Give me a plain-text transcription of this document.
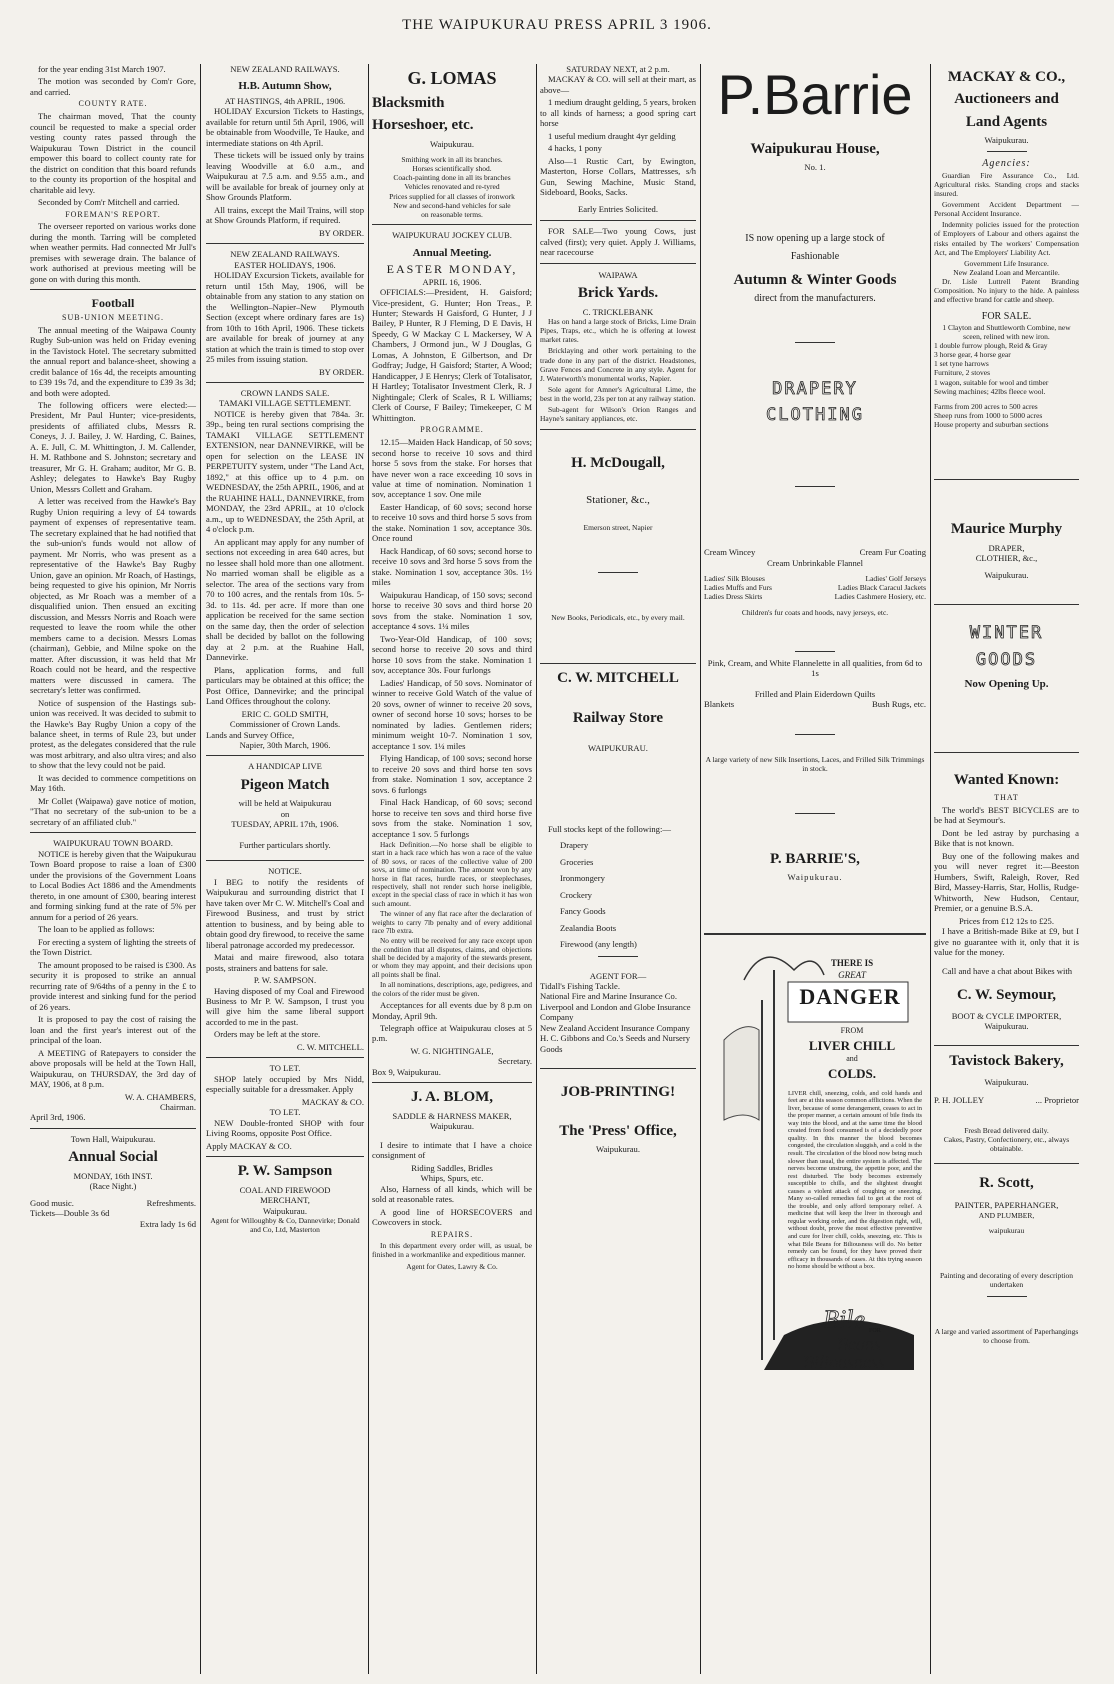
THE WAIPUKURAU PRESS APRIL 3 1906.

for the year ending 31st March 1907.

The motion was seconded by Com'r Gore, and carried.

COUNTY RATE.

The chairman moved, That the county council be requested to make a special order vesting county rates passed through the Waipukurau Town District in the council empower this board to collect county rate for the district on condition that this board refunds to the county its proportion of the hospital and charitable aid levy.

Seconded by Com'r Mitchell and carried.

FOREMAN'S REPORT.

The overseer reported on various works done during the month. Tarring will be completed when weather permits. Had connected Mr Jull's premises with sewerage drain. The balance of work authorised at previous meeting will be gone on with during this month.

Football
SUB-UNION MEETING.

The annual meeting of the Waipawa County Rugby Sub-union was held on Friday evening in the Tavistock Hotel. The secretary submitted the annual report and balance-sheet, showing a credit balance of 16s 4d, the receipts amounting to £39 19s 7d, and the expenditure to £39 3s 3d; and both were adopted.

The following officers were elected:— President, Mr Paul Hunter; vice-presidents, presidents of affiliated clubs, Messrs R. Coneys, J. J. Bailey, J. W. Harding, C. Baines, A. E. Jull, C. M. Whittington, J. M. Callender, H. M. Rathbone and S. Johnston; secretary and treasurer, Mr G. H. Graham; auditor, Mr G. B. Ashley; delegates to Hawke's Bay Rugby Union, Messrs Collett and Graham.

A letter was received from the Hawke's Bay Rugby Union requiring a levy of £4 towards payment of expenses of representative team. The secretary explained that he had notified that the sub-union's funds would not allow of payment. Mr Norris, who was present as a representative of the Hawke's Bay Rugby Union, gave an opinion. Mr Roach, of Hastings, being requested to give his opinion, Mr Norris objected, as Mr Roach was a member of a disqualified union. Then ensued an exciting discussion, and Messrs Norris and Roach were requested to leave the room while the other members came to a decision. Messrs Lomas (chairman), Gebbie, and Milne spoke on the matter. After discussion, it was held that Mr Roach could not be heard, and the respective matters were discussed in camera. The secretary's letter was confirmed.

Notice of suspension of the Hastings sub-union was received. It was decided to submit to the Hawke's Bay Rugby Union a copy of the balance sheet, in terms of Rule 23, but under protest, as the delegates considered that the rule was most arbitrary, and also ultra vires; and also to show that the levy could not be paid.

It was decided to commence competitions on May 16th.

Mr Collet (Waipawa) gave notice of motion, "That no secretary of the sub-union to be a secretary of an affiliated club."

WAIPUKURAU TOWN BOARD.

NOTICE is hereby given that the Waipukurau Town Board propose to raise a loan of £300 under the provisions of the Government Loans to Local Bodies Act 1886 and the Amendments thereto, in one amount of £300, bearing interest and forming sinking fund at the rate of 5% per annum for a period of 26 years.

The loan to be applied as follows:

For erecting a system of lighting the streets of the Town District.

The amount proposed to be raised is £300. As security it is proposed to strike an annual recurring rate of 9/64ths of a penny in the £ to provide interest and sinking fund for the period of 26 years.

It is proposed to pay the cost of raising the loan and the first year's interest out of the principal of the loan.

A MEETING of Ratepayers to consider the above proposals will be held at the Town Hall, Waipukurau, on THURSDAY, the 3rd day of MAY, 1906, at 8 p.m.

W. A. CHAMBERS,
Chairman.
April 3rd, 1906.
Town Hall, Waipukurau.
Annual Social
MONDAY, 16th INST.
(Race Night.)
Good music.	Refreshments.
Tickets—Double 3s 6d
Extra lady 1s 6d
NEW ZEALAND RAILWAYS.
H.B. Autumn Show,
AT HASTINGS, 4th APRIL, 1906.

HOLIDAY Excursion Tickets to Hastings, available for return until 5th April, 1906, will be obtainable from Woodville, Te Hauke, and intermediate stations on 4th April.

These tickets will be issued only by trains leaving Woodville at 6.0 a.m., and Waipukurau at 7.5 a.m. and 9.55 a.m., and will be available for break of journey only at Show Grounds Platform.

All trains, except the Mail Trains, will stop at Show Grounds Platform, if required.

BY ORDER.
NEW ZEALAND RAILWAYS.
EASTER HOLIDAYS, 1906.

HOLIDAY Excursion Tickets, available for return until 15th May, 1906, will be obtainable from any station to any station on the Wellington–Napier–New Plymouth Section (except where ordinary fares are 1s) from 10th to 16th April, 1906. These tickets are available for break of journey at any station at which the train is timed to stop over 25 miles from issuing station.

BY ORDER.
CROWN LANDS SALE.
TAMAKI VILLAGE SETTLEMENT.

NOTICE is hereby given that 784a. 3r. 39p., being ten rural sections comprising the TAMAKI VILLAGE SETTLEMENT EXTENSION, near DANNEVIRKE, will be open for selection on the LEASE IN PERPETUITY system, under "The Land Act, 1892," at this office up to 4 p.m. on WEDNESDAY, the 25th APRIL, 1906, and at the RUAHINE HALL, DANNEVIRKE, from MONDAY, the 23rd APRIL, at 10 o'clock a.m., up to WEDNESDAY, the 25th April, at 4 o'clock p.m.

An applicant may apply for any number of sections not exceeding in area 640 acres, but no lessee shall hold more than one allotment. No married woman shall be eligible as a selector. The area of the sections vary from 70 to 100 acres, and the rentals from 10s. 5-3d. to 11s. 4d. per acre. If more than one application be received for the same section on the same day, then the order of selection shall be decided by ballot on the following day at 2 p.m. at the Ruahine Hall, Dannevirke.

Plans, application forms, and full particulars may be obtained at this office; the Post Office, Dannevirke; and the principal Land Offices throughout the colony.

ERIC C. GOLD SMITH,
Commissioner of Crown Lands.
Lands and Survey Office,
Napier, 30th March, 1906.
A HANDICAP LIVE
Pigeon Match
will be held at Waipukurau
on
TUESDAY, APRIL 17th, 1906.
Further particulars shortly.
NOTICE.

I BEG to notify the residents of Waipukurau and surrounding district that I have taken over Mr C. W. Mitchell's Coal and Firewood Business, and trust by strict attention to business, and by being able to obtain good dry firewood, to receive the same liberal patronage accorded my predecessor.

Matai and maire firewood, also totara posts, strainers and battens for sale.

P. W. SAMPSON.

Having disposed of my Coal and Firewood Business to Mr P. W. Sampson, I trust you will give him the same liberal support accorded to me in the past.

Orders may be left at the store.

C. W. MITCHELL.
TO LET.

SHOP lately occupied by Mrs Nidd, especially suitable for a dressmaker. Apply

MACKAY & CO.
TO LET.

NEW Double-fronted SHOP with four Living Rooms, opposite Post Office.

Apply MACKAY & CO.
P. W. Sampson
COAL AND FIREWOOD
MERCHANT,
Waipukurau.
Agent for Willoughby & Co, Dannevirke; Donald and Co, Ltd, Masterton
G. LOMAS
Blacksmith
Horseshoer, etc.
Waipukurau.
Smithing work in all its branches.
Horses scientifically shod.
Coach-painting done in all its branches
Vehicles renovated and re-tyred
Prices supplied for all classes of ironwork
New and second-hand vehicles for sale
on reasonable terms.
WAIPUKURAU JOCKEY CLUB.
Annual Meeting.
EASTER MONDAY,
APRIL 16, 1906.

OFFICIALS:—President, H. Gaisford; Vice-president, G. Hunter; Hon Treas., P. Hunter; Stewards H Gaisford, G Hunter, J J Bailey, P Hunter, R J Fleming, D E Davis, H Speedy, G W Mackay C L Mackersey, W A Chambers, J Ormond jun., W J Douglas, G Lomas, A Johnston, E Gilbertson, and Dr Godfray; Judge, H Gaisford; Starter, A Wood; Handicapper, J E Henrys; Clerk of Totalisator, H Hartley; Totalisator Investment Clerk, R. J Nightingale; Clerk of Scales, R L Williams; Clerk of Course, F Bailey; Timekeeper, C M Whittington.

PROGRAMME.

12.15—Maiden Hack Handicap, of 50 sovs; second horse to receive 10 sovs and third horse 5 sovs from the stake. For horses that have never won a race exceeding 10 sovs in value at time of nomination. Nomination 1 sov, acceptance 1 sov. One mile

Easter Handicap, of 60 sovs; second horse to receive 10 sovs and third horse 5 sovs from the stake. Nomination 1 sov, acceptance 30s. Once round

Hack Handicap, of 60 sovs; second horse to receive 10 sovs and 3rd horse 5 sovs from the stake. Nomination 1 sov, acceptance 30s. 1½ miles

Waipukurau Handicap, of 150 sovs; second horse to receive 30 sovs and third horse 20 sovs from the stake. Nomination 1 sov, acceptance 4 sovs. 1¼ miles

Two-Year-Old Handicap, of 100 sovs; second horse to receive 20 sovs and third horse 10 sovs from the stake. Nomination 1 sov, acceptance 30s. Four furlongs

Ladies' Handicap, of 50 sovs. Nominator of winner to receive Gold Watch of the value of 20 sovs, owner of winner to receive 20 sovs, owner of second horse 10 sovs; horses to be nominated by ladies. Gentlemen riders; minimum weight 10-7. Nomination 1 sov, acceptance 1 sov. 1¼ miles

Flying Handicap, of 100 sovs; second horse to receive 20 sovs and third horse ten sovs from stake. Nomination 1 sov, acceptance 2 sovs. 6 furlongs

Final Hack Handicap, of 60 sovs; second horse to receive ten sovs and third horse five sovs from the stake. Nomination 1 sov, acceptance 1 sov. 5 furlongs

Hack Definition.—No horse shall be eligible to start in a hack race which has won a race of the value of 80 sovs, or races of the collective value of 200 sovs, at time of nomination. The amount won by any horse in flat races, hurdle races, or steeplechases, respectively, shall not render such horse ineligible, except in the special class of race in which it has won such amount.

The winner of any flat race after the declaration of weights to carry 7lb penalty and of every additional race 7lb extra.

No entry will be received for any race except upon the condition that all disputes, claims, and objections shall be decided by a majority of the stewards present, or whom they may appoint, and their decisions upon all points shall be final.

In all nominations, descriptions, age, pedigrees, and the colors of the rider must be given.

Acceptances for all events due by 8 p.m on Monday, April 9th.

Telegraph office at Waipukurau closes at 5 p.m.

W. G. NIGHTINGALE,
Secretary.
Box 9, Waipukurau.
J. A. BLOM,
SADDLE & HARNESS MAKER,
Waipukurau.

I desire to intimate that I have a choice consignment of

Riding Saddles, Bridles
Whips, Spurs, etc.

Also, Harness of all kinds, which will be sold at reasonable rates.

A good line of HORSECOVERS and Cowcovers in stock.

REPAIRS.

In this department every order will, as usual, be finished in a workmanlike and expeditious manner.

Agent for Oates, Lawry & Co.
SATURDAY NEXT, at 2 p.m.

MACKAY & CO. will sell at their mart, as above—

1 medium draught gelding, 5 years, broken to all kinds of harness; a good spring cart horse

1 useful medium draught 4yr gelding

4 hacks, 1 pony

Also—1 Rustic Cart, by Ewington, Masterton, Horse Collars, Mattresses, s/h Gun, Sewing Machine, Music Stand, Sideboard, Books, Sacks.

Early Entries Solicited.

FOR SALE—Two young Cows, just calved (first); very quiet. Apply J. Williams, near racecourse

WAIPAWA
Brick Yards.
C. TRICKLEBANK

Has on hand a large stock of Bricks, Lime Drain Pipes, Traps, etc., which he is offering at lowest market rates.

Bricklaying and other work pertaining to the trade done in any part of the district. Headstones, Grave Fences and Concrete in any style. Agent for J. Waterworth's monumental works, Napier.

Sole agent for Amner's Agricultural Lime, the best in the world, 23s per ton at any railway station.

Sub-agent for Wilson's Orion Ranges and Hayne's sanitary appliances, etc.

H. McDougall,
Stationer, &c.,
Emerson street, Napier
New Books, Periodicals, etc., by every mail.
C. W. MITCHELL
Railway Store
WAIPUKURAU.

Full stocks kept of the following:—

Drapery
Groceries
Ironmongery
Crockery
Fancy Goods
Zealandia Boots
Firewood (any length)
AGENT FOR—
Tidall's Fishing Tackle.
National Fire and Marine Insurance Co.
Liverpool and London and Globe Insurance Company
New Zealand Accident Insurance Company
H. C. Gibbons and Co.'s Seeds and Nursery Goods
JOB-PRINTING!
The 'Press' Office,
Waipukurau.
P.Barrie
Waipukurau House,
No. 1.
IS now opening up a large stock of
Fashionable
Autumn & Winter Goods
direct from the manufacturers.
DRAPERY
CLOTHING
Cream Wincey	Cream Fur Coating
Cream Unbrinkable Flannel
Ladies' Silk Blouses	Ladies' Golf Jerseys
Ladies Muffs and Furs	Ladies Black Caracul Jackets
Ladies Dress Skirts	Ladies Cashmere Hosiery, etc.
Children's fur coats and hoods, navy jerseys, etc.
Pink, Cream, and White Flannelette in all qualities, from 6d to 1s
Frilled and Plain Eiderdown Quilts
Blankets	Bush Rugs, etc.
A large variety of new Silk Insertions, Laces, and Frilled Silk Trimmings in stock.
P. BARRIE'S,
Waipukurau.
THERE IS
GREAT
DANGER
FROM
LIVER CHILL
and
COLDS.
LIVER chill, sneezing, colds, and cold hands and feet are at this season common afflictions. When the liver, because of some derangement, ceases to act in the proper manner, a certain amount of bile finds its way into the blood, and at the same time the blood created from food consumed is of a decidedly poor quality. In this manner the blood becomes congested, the circulation sluggish, and a cold is the result. The circulation of the blood now being much slower than usual, the entire system is affected. The nerves become unstrung, the appetite poor, and the rest disturbed. The body becomes extremely susceptible to chills, and the slightest draught causes a violent attack of coughing or sneezing. Many so-called remedies fail to get at the root of the trouble, and only afford temporary relief. A medicine that will keep the liver in thorough and regular working order, and the digestion right, will, without doubt, prove the most effective preventive and cure for liver chill, colds, sneezing, etc. This is what Bile Beans for Biliousness will do. No better remedy can be found, for they have proved their efficacy in thousands of cases. At this trying season no home should be without a box.
Bile
Beans
FOR
Biliousness
MACKAY & CO.,
Auctioneers and
Land Agents
Waipukurau.
Agencies:

Guardian Fire Assurance Co., Ltd. Agricultural risks. Standing crops and stacks insured.

Government Accident Department —Personal Accident Insurance.

Indemnity policies issued for the protection of Employers of Labour and others against the risks entailed by The workers' Compensation Act, and The Employers' Liability Act.

Government Life Insurance.
New Zealand Loan and Mercantile.

Dr. Lisle Luttrell Patent Branding Composition. No injury to the hide. A painless and effective brand for cattle and sheep.

FOR SALE.
1 Clayton and Shuttleworth Combine, new sceen, relined with new iron.
1 double furrow plough, Reid & Gray
3 horse gear, 4 horse gear
1 set tyne harrows
Furniture, 2 stoves
1 wagon, suitable for wool and timber
Sewing machines; 42lbs fleece wool.
Farms from 200 acres to 500 acres
Sheep runs from 1000 to 5000 acres
House property and suburban sections
Maurice Murphy
DRAPER,
CLOTHIER, &c.,
Waipukurau.
WINTER
GOODS
Now Opening Up.
Wanted Known:
THAT

The world's BEST BICYCLES are to be had at Seymour's.

Dont be led astray by purchasing a Bike that is not known.

Buy one of the following makes and you will never regret it:—Beeston Humbers, Swift, Raleigh, Rover, Red Bird, Massey-Harris, Star, Hollis, Rudge-Whitworth, New Hudson, Centaur, Premier, or a genuine B.S.A.

Prices from £12 12s to £25.

I have a British-made Bike at £9, but I give no guarantee with it, only that it is value for the money.

Call and have a chat about Bikes with

C. W. Seymour,
BOOT & CYCLE IMPORTER,
Waipukurau.
Tavistock Bakery,
Waipukurau.
P. H. JOLLEY	... Proprietor
Fresh Bread delivered daily.
Cakes, Pastry, Confectionery, etc., always obtainable.
R. Scott,
PAINTER, PAPERHANGER,
AND PLUMBER,
waipukurau
Painting and decorating of every description undertaken
A large and varied assortment of Paperhangings to choose from.
